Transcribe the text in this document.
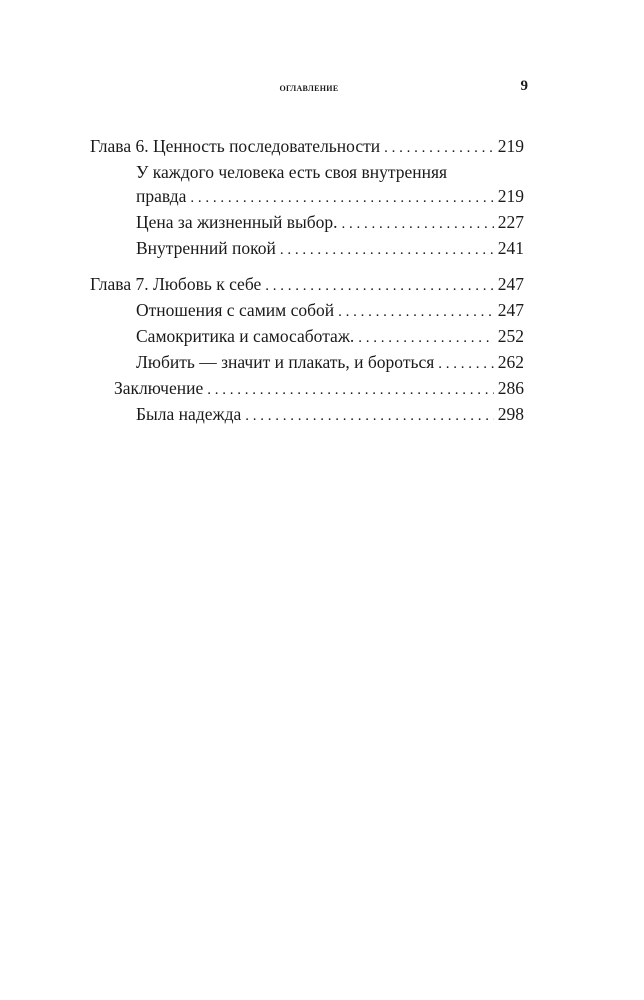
оглавление	9
Глава 6. Ценность последовательности . . .	219
У каждого человека есть своя внутренняя
правда . . .	219
Цена за жизненный выбор. . . .	227
Внутренний покой . . .	241
Глава 7. Любовь к себе . . .	247
Отношения с самим собой . . .	247
Самокритика и самосаботаж. . . .	252
Любить — значит и плакать, и бороться . . .	262
Заключение . . .	286
Была надежда . . .	298
